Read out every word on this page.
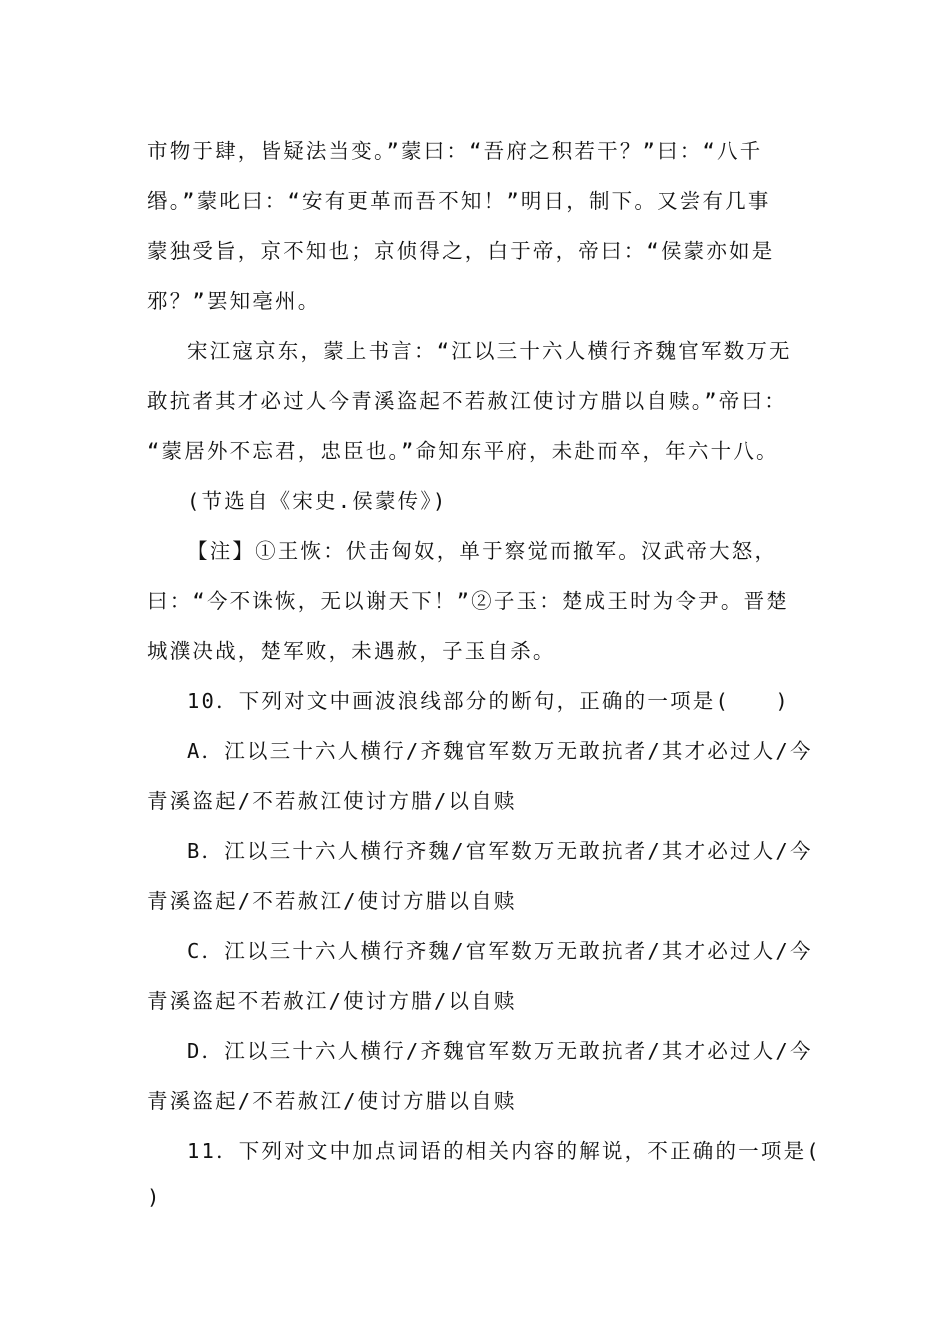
市物于肆，皆疑法当变。”蒙曰：“吾府之积若干？”曰：“八千
缗。”蒙叱曰：“安有更革而吾不知！”明日，制下。又尝有几事
蒙独受旨，京不知也；京侦得之，白于帝，帝曰：“侯蒙亦如是
邪？”罢知亳州。
宋江寇京东，蒙上书言：“江以三十六人横行齐魏官军数万无
敢抗者其才必过人今青溪盗起不若赦江使讨方腊以自赎。”帝曰：
“蒙居外不忘君，忠臣也。”命知东平府，未赴而卒，年六十八。
(节选自《宋史.侯蒙传》)
【注】①王恢：伏击匈奴，单于察觉而撤军。汉武帝大怒，
曰：“今不诛恢，无以谢天下！”②子玉：楚成王时为令尹。晋楚
城濮决战，楚军败，未遇赦，子玉自杀。
10．下列对文中画波浪线部分的断句，正确的一项是(　　)
A．江以三十六人横行/齐魏官军数万无敢抗者/其才必过人/今
青溪盗起/不若赦江使讨方腊/以自赎
B．江以三十六人横行齐魏/官军数万无敢抗者/其才必过人/今
青溪盗起/不若赦江/使讨方腊以自赎
C．江以三十六人横行齐魏/官军数万无敢抗者/其才必过人/今
青溪盗起不若赦江/使讨方腊/以自赎
D．江以三十六人横行/齐魏官军数万无敢抗者/其才必过人/今
青溪盗起/不若赦江/使讨方腊以自赎
11．下列对文中加点词语的相关内容的解说，不正确的一项是(
)
